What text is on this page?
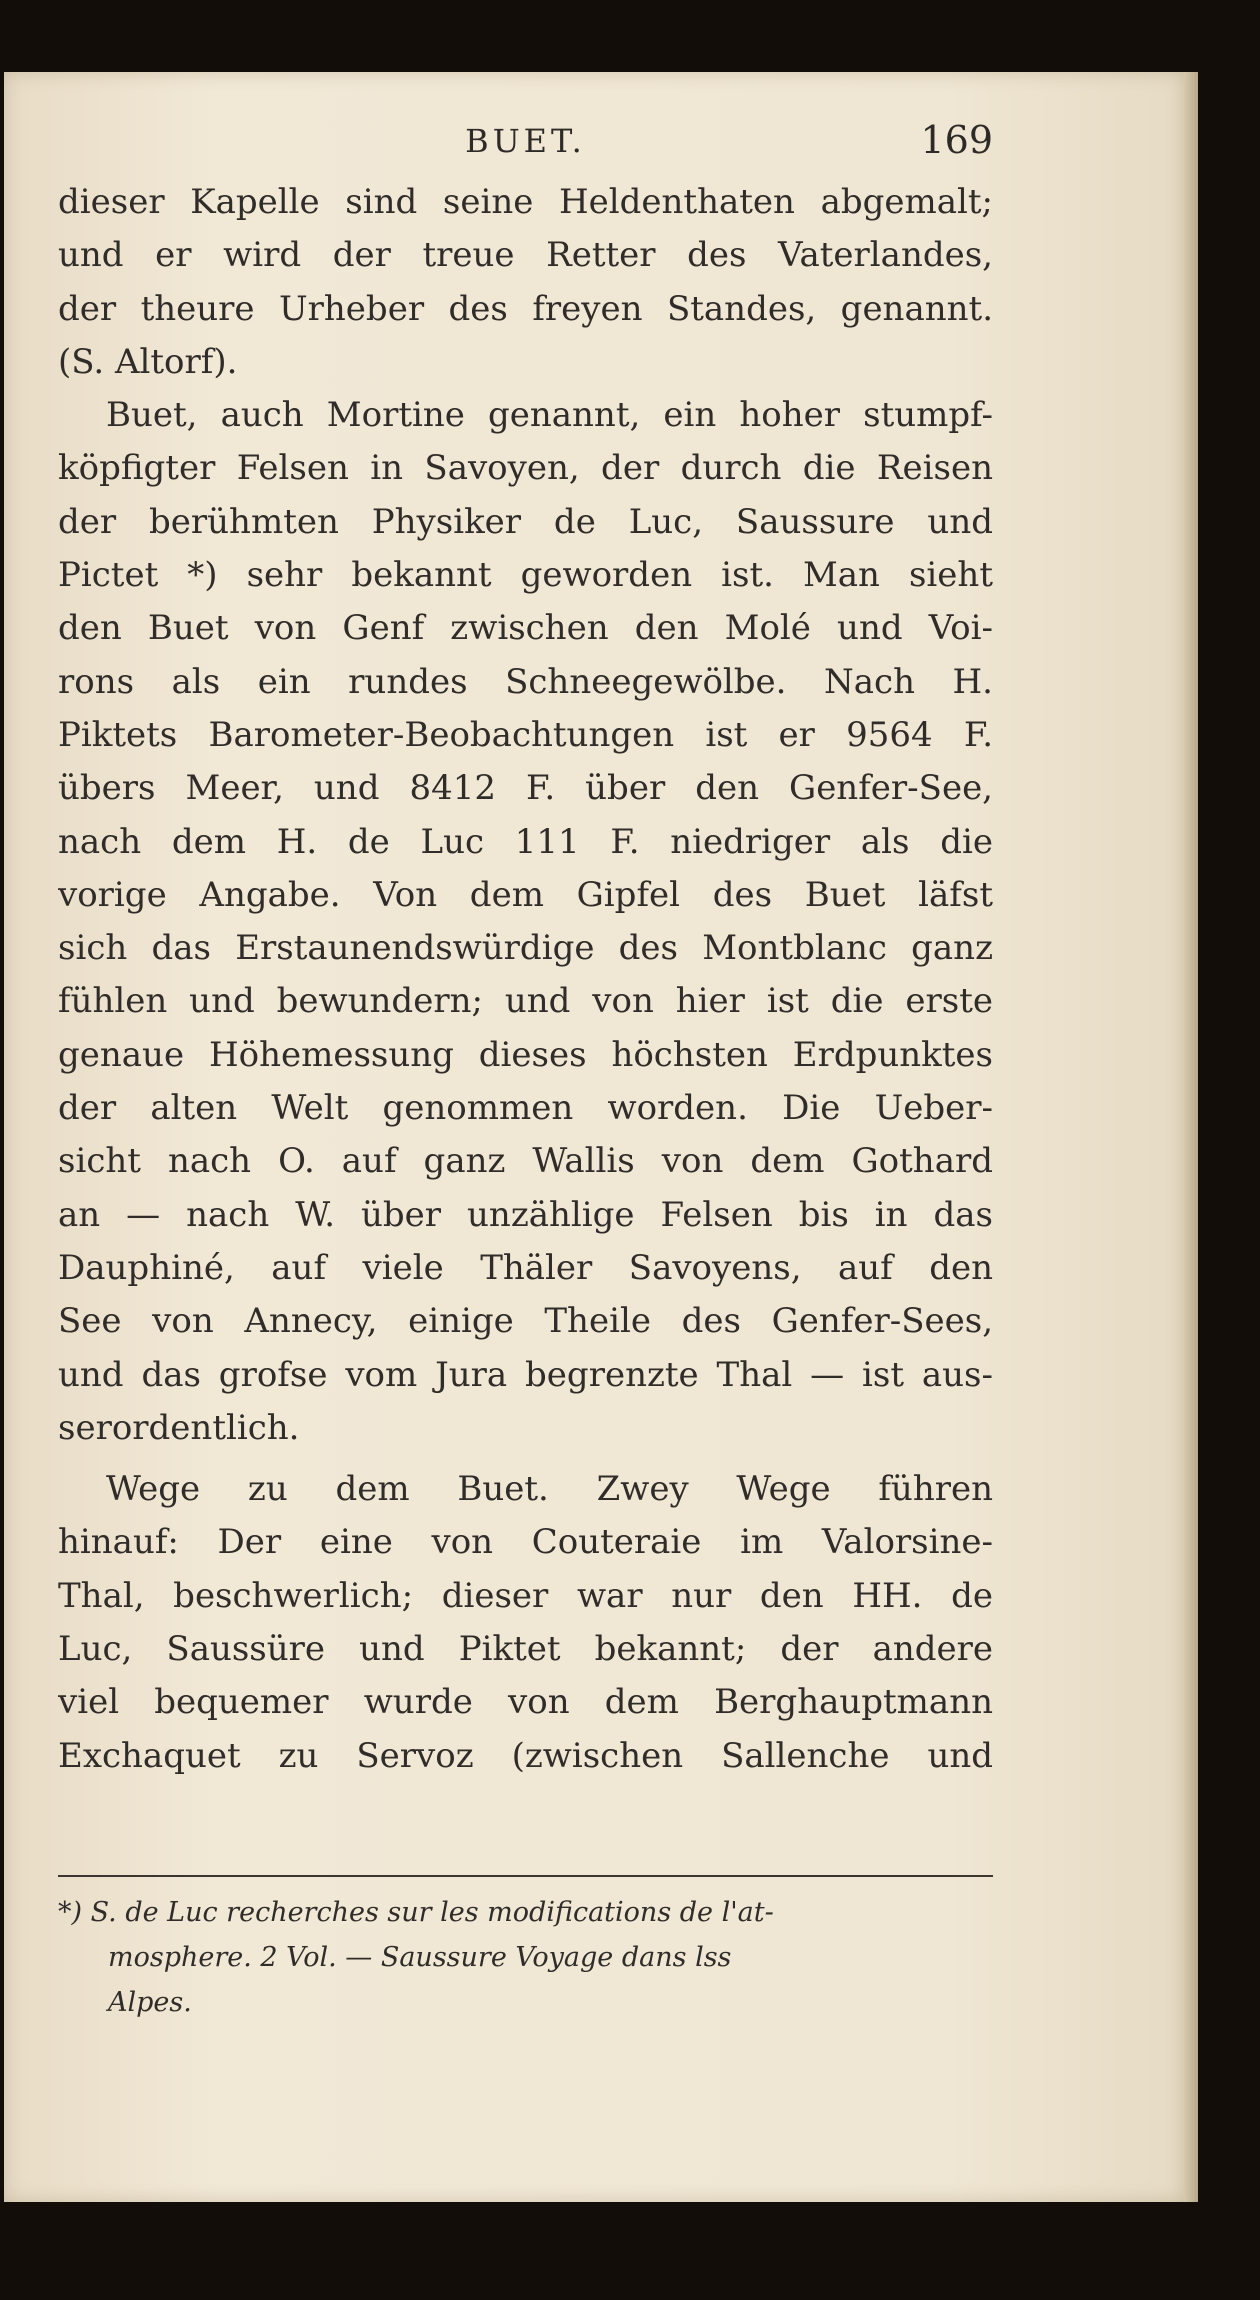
BUET.	169
dieser Kapelle sind seine Heldenthaten abgemalt;
und er wird der treue Retter des Vaterlandes,
der theure Urheber des freyen Standes, genannt.
(S. Altorf).
Buet, auch Mortine genannt, ein hoher stumpf-
köpfigter Felsen in Savoyen, der durch die Reisen
der berühmten Physiker de Luc, Saussure und
Pictet *) sehr bekannt geworden ist. Man sieht
den Buet von Genf zwischen den Molé und Voi-
rons als ein rundes Schneegewölbe. Nach H.
Piktets Barometer-Beobachtungen ist er 9564 F.
übers Meer, und 8412 F. über den Genfer-See,
nach dem H. de Luc 111 F. niedriger als die
vorige Angabe. Von dem Gipfel des Buet läfst
sich das Erstaunendswürdige des Montblanc ganz
fühlen und bewundern; und von hier ist die erste
genaue Höhemessung dieses höchsten Erdpunktes
der alten Welt genommen worden. Die Ueber-
sicht nach O. auf ganz Wallis von dem Gothard
an — nach W. über unzählige Felsen bis in das
Dauphiné, auf viele Thäler Savoyens, auf den
See von Annecy, einige Theile des Genfer-Sees,
und das grofse vom Jura begrenzte Thal — ist aus-
serordentlich.
Wege zu dem Buet. Zwey Wege führen
hinauf: Der eine von Couteraie im Valorsine-
Thal, beschwerlich; dieser war nur den HH. de
Luc, Saussüre und Piktet bekannt; der andere
viel bequemer wurde von dem Berghauptmann
Exchaquet zu Servoz (zwischen Sallenche und
*) S. de Luc recherches sur les modifications de l'at-
mosphere. 2 Vol. — Saussure Voyage dans lss
Alpes.
